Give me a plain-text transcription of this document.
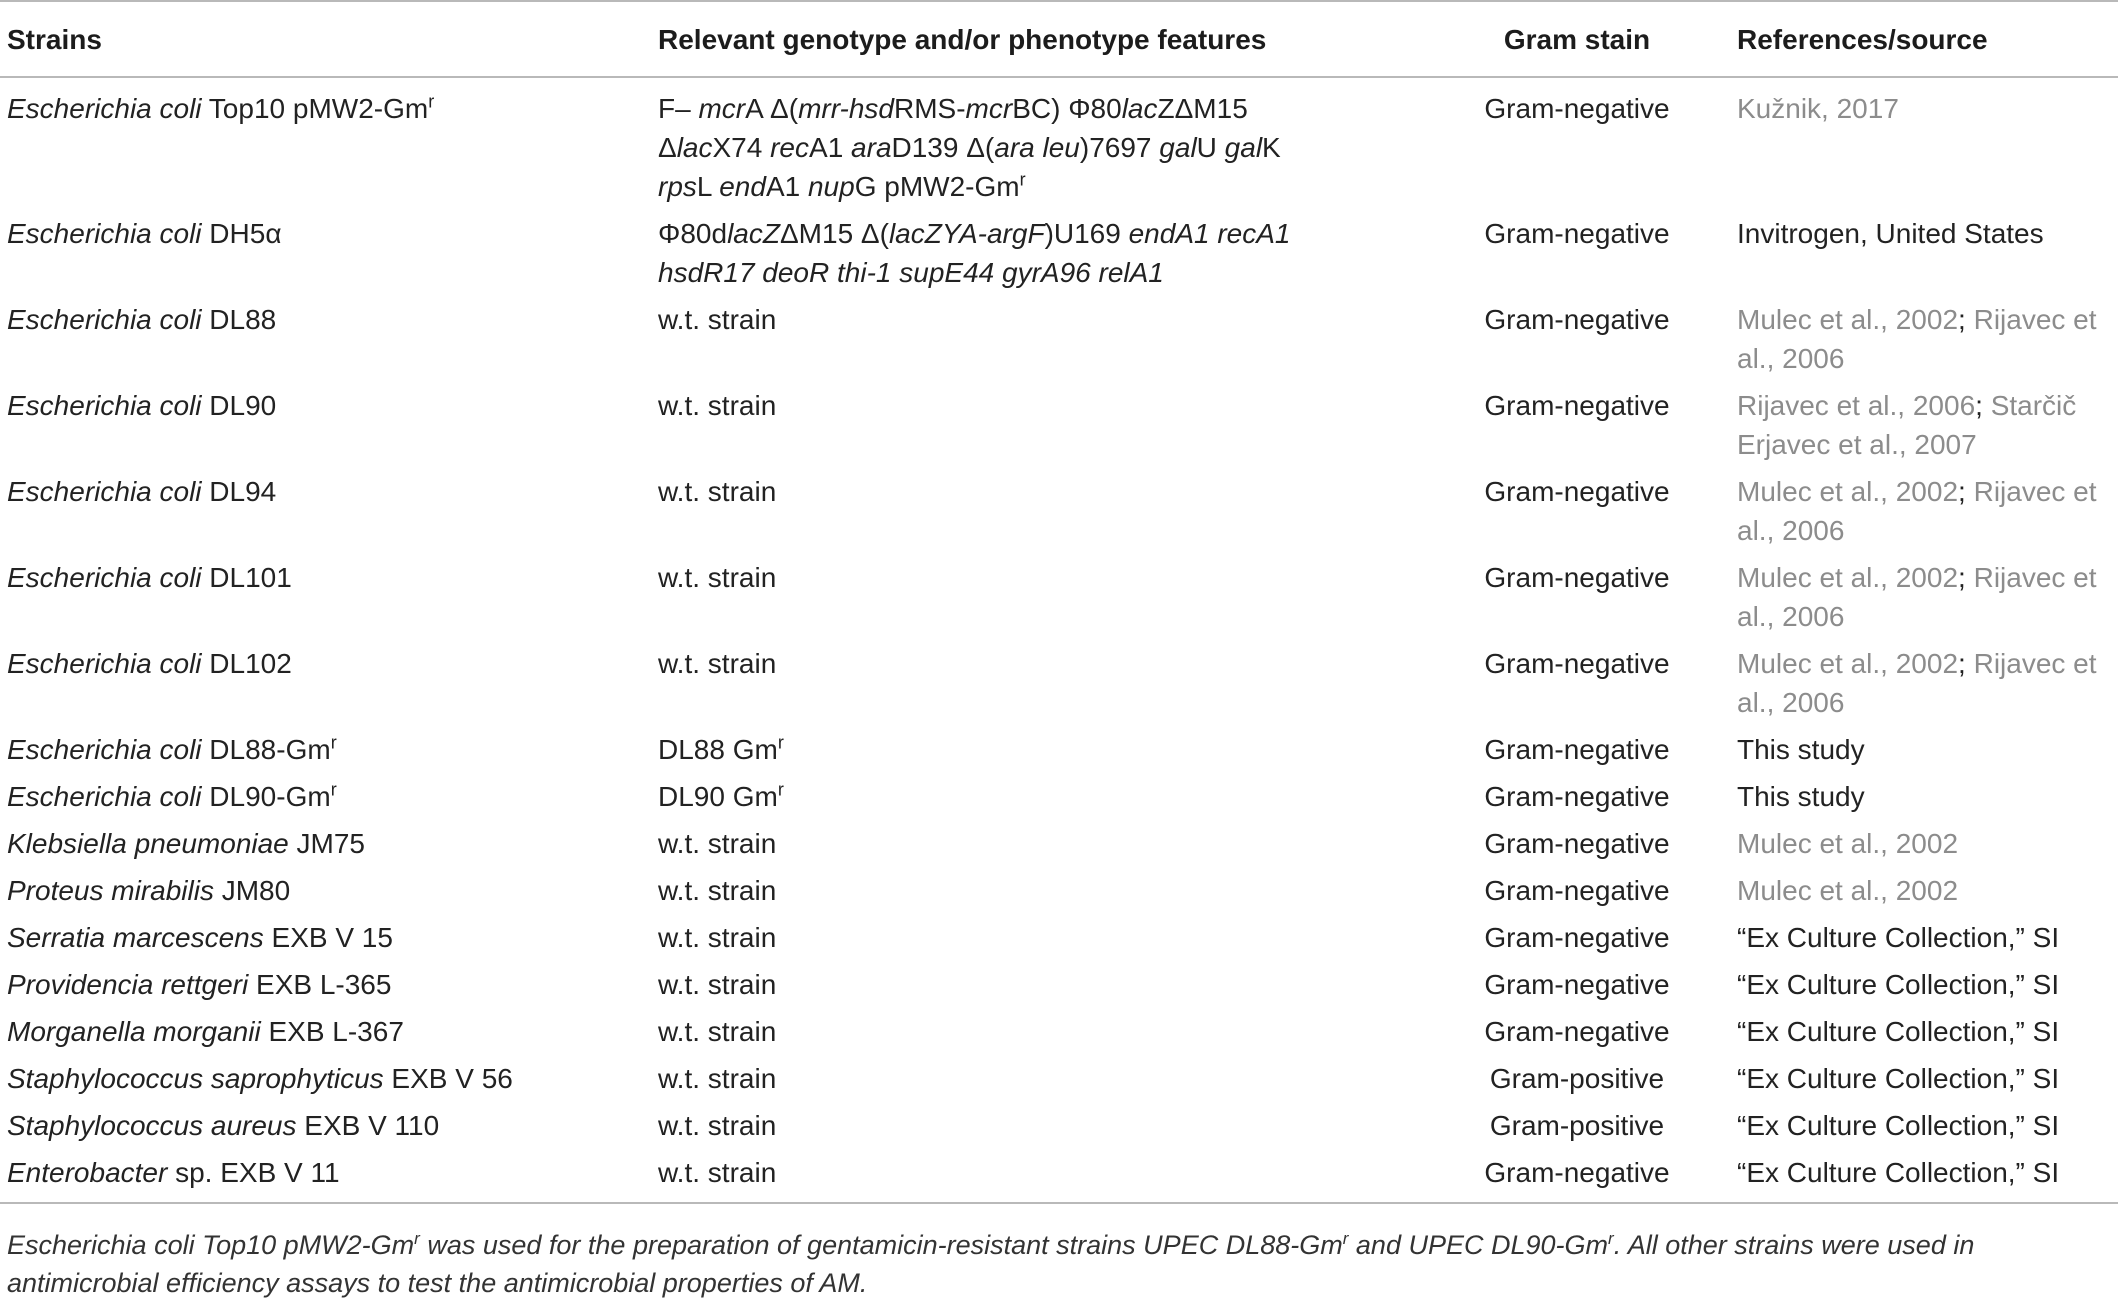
Strains	Relevant genotype and/or phenotype features	Gram stain	References/source
Escherichia coli Top10 pMW2-Gm$^r$	F– mcrA Δ(mrr-hsdRMS-mcrBC) Φ80lacZΔM15
ΔlacX74 recA1 araD139 Δ(ara leu)7697 galU galK
rpsL endA1 nupG pMW2-Gm$^r$	Gram-negative	Kužnik, 2017
Escherichia coli DH5α	Φ80dlacZΔM15 Δ(lacZYA-argF)U169 endA1 recA1
hsdR17 deoR thi-1 supE44 gyrA96 relA1	Gram-negative	Invitrogen, United States
Escherichia coli DL88	w.t. strain	Gram-negative	Mulec et al., 2002; Rijavec et al., 2006
Escherichia coli DL90	w.t. strain	Gram-negative	Rijavec et al., 2006; Starčič Erjavec et al., 2007
Escherichia coli DL94	w.t. strain	Gram-negative	Mulec et al., 2002; Rijavec et al., 2006
Escherichia coli DL101	w.t. strain	Gram-negative	Mulec et al., 2002; Rijavec et al., 2006
Escherichia coli DL102	w.t. strain	Gram-negative	Mulec et al., 2002; Rijavec et al., 2006
Escherichia coli DL88-Gm$^r$	DL88 Gm$^r$	Gram-negative	This study
Escherichia coli DL90-Gm$^r$	DL90 Gm$^r$	Gram-negative	This study
Klebsiella pneumoniae JM75	w.t. strain	Gram-negative	Mulec et al., 2002
Proteus mirabilis JM80	w.t. strain	Gram-negative	Mulec et al., 2002
Serratia marcescens EXB V 15	w.t. strain	Gram-negative	“Ex Culture Collection,” SI
Providencia rettgeri EXB L-365	w.t. strain	Gram-negative	“Ex Culture Collection,” SI
Morganella morganii EXB L-367	w.t. strain	Gram-negative	“Ex Culture Collection,” SI
Staphylococcus saprophyticus EXB V 56	w.t. strain	Gram-positive	“Ex Culture Collection,” SI
Staphylococcus aureus EXB V 110	w.t. strain	Gram-positive	“Ex Culture Collection,” SI
Enterobacter sp. EXB V 11	w.t. strain	Gram-negative	“Ex Culture Collection,” SI
Escherichia coli Top10 pMW2-Gm$^r$ was used for the preparation of gentamicin-resistant strains UPEC DL88-Gm$^r$ and UPEC DL90-Gm$^r$. All other strains were used in antimicrobial efficiency assays to test the antimicrobial properties of AM.
